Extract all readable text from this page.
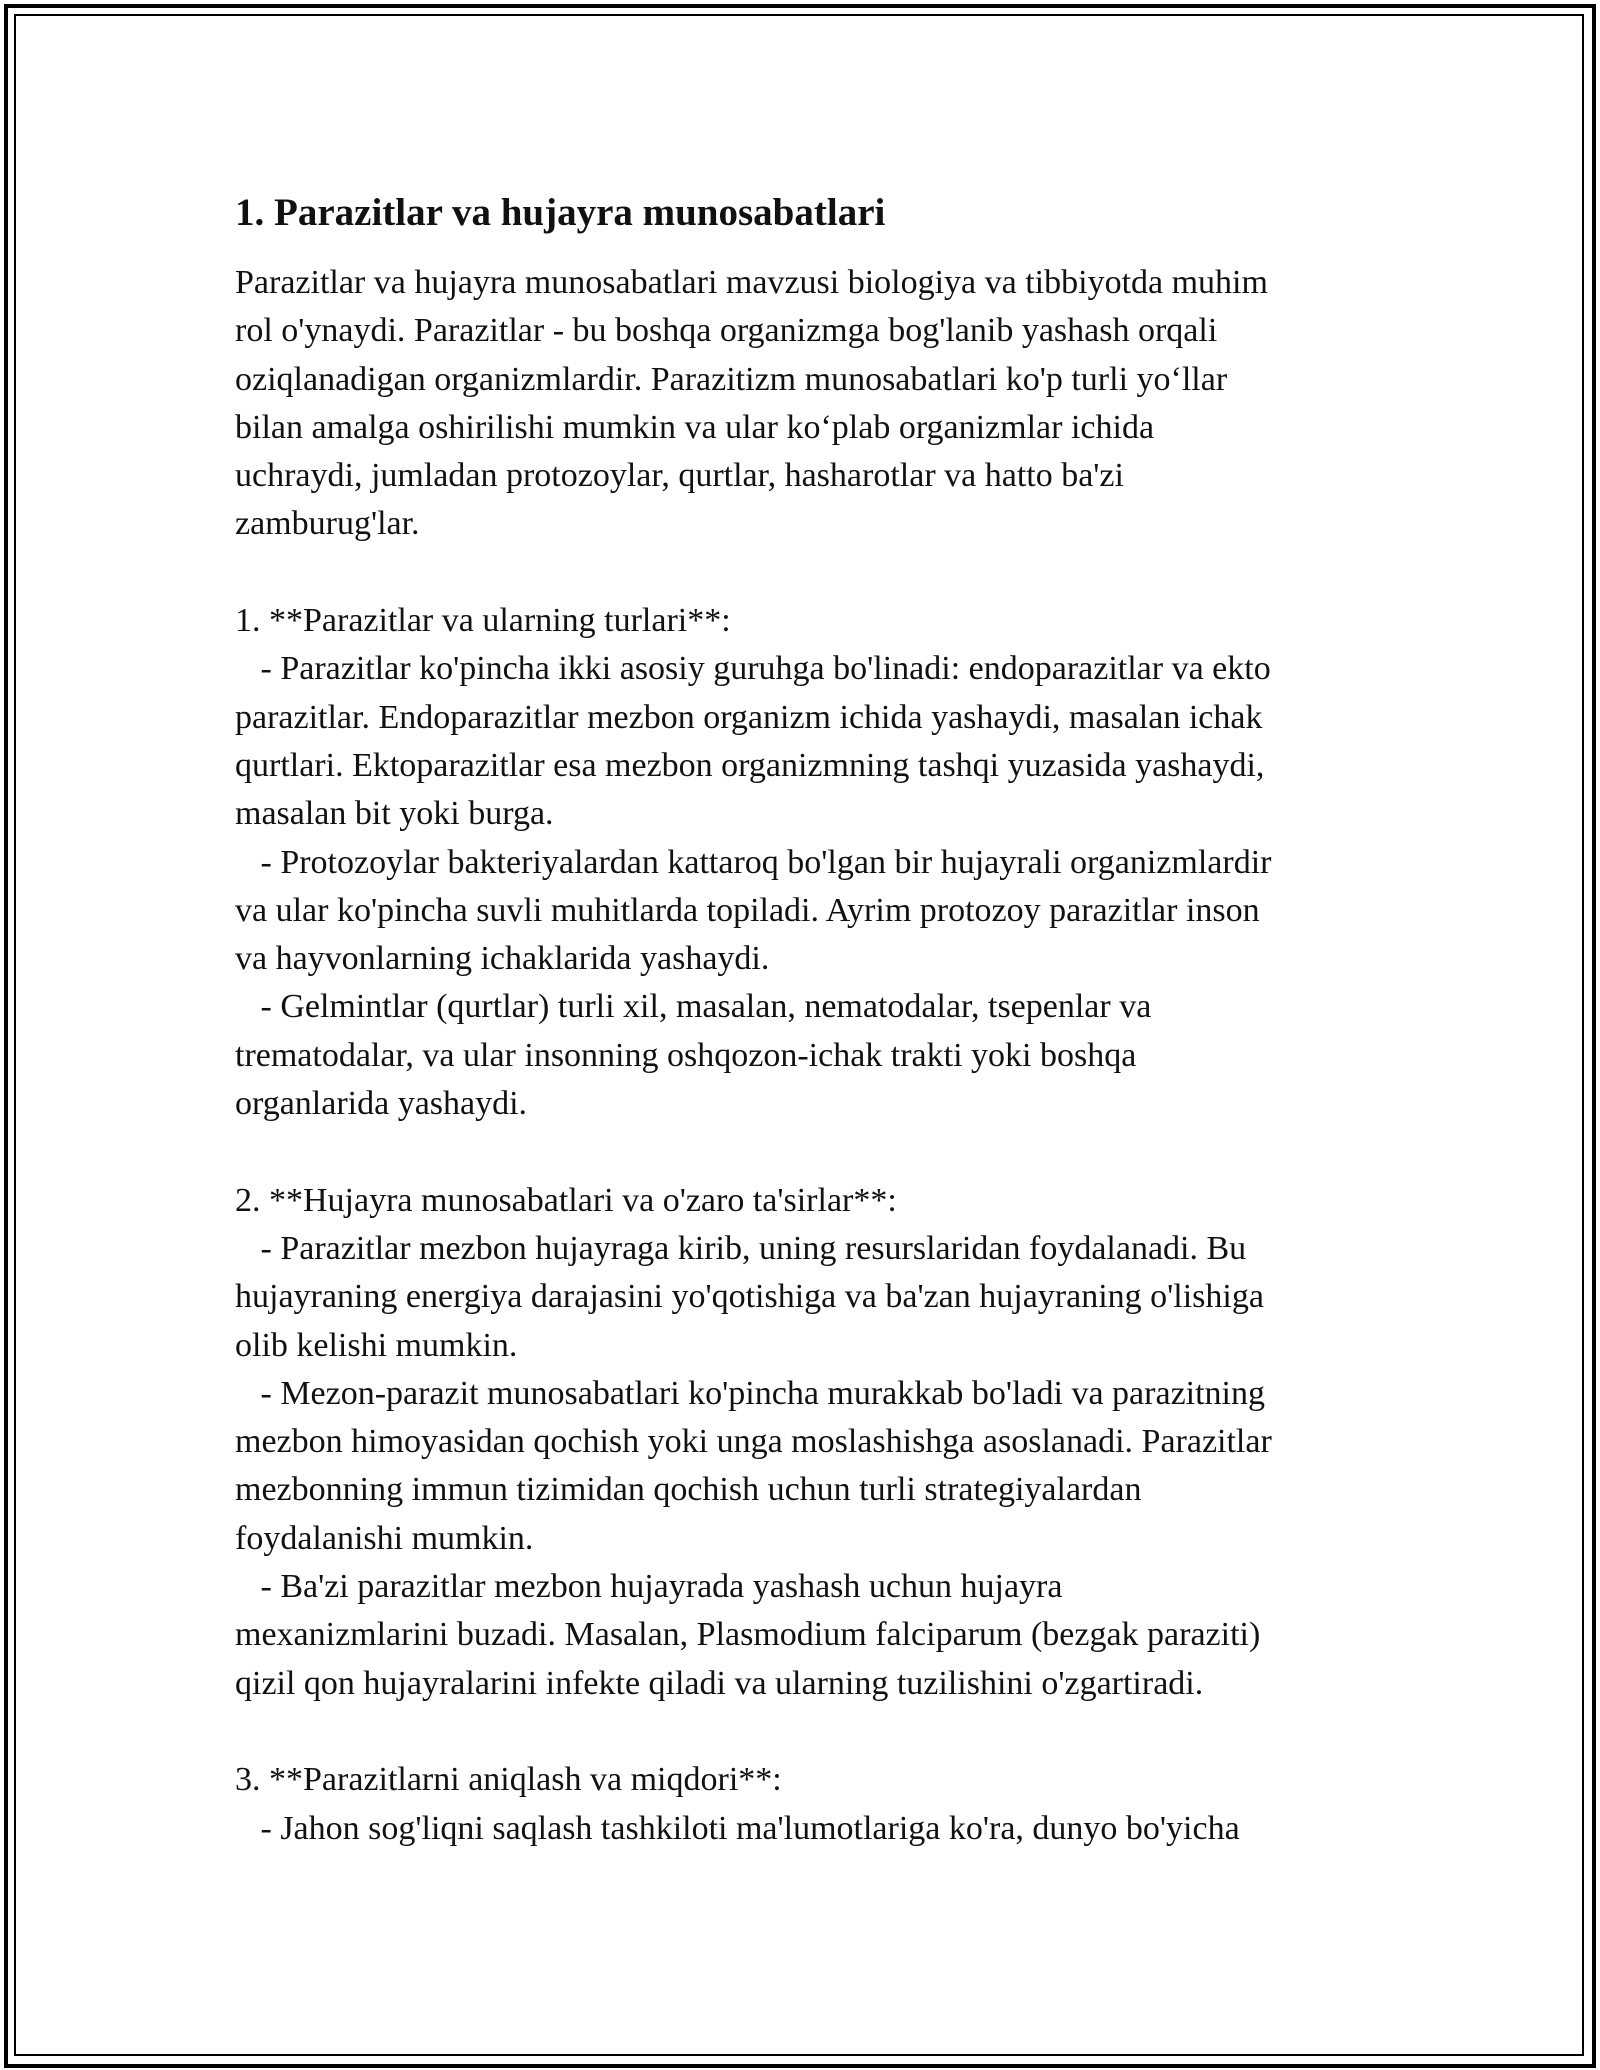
1. Parazitlar va hujayra munosabatlari
Parazitlar va hujayra munosabatlari mavzusi biologiya va tibbiyotda muhim
rol o'ynaydi. Parazitlar - bu boshqa organizmga bog'lanib yashash orqali
oziqlanadigan organizmlardir. Parazitizm munosabatlari ko'p turli yo‘llar
bilan amalga oshirilishi mumkin va ular ko‘plab organizmlar ichida
uchraydi, jumladan protozoylar, qurtlar, hasharotlar va hatto ba'zi
zamburug'lar.
1. **Parazitlar va ularning turlari**:
- Parazitlar ko'pincha ikki asosiy guruhga bo'linadi: endoparazitlar va ekto
parazitlar. Endoparazitlar mezbon organizm ichida yashaydi, masalan ichak
qurtlari. Ektoparazitlar esa mezbon organizmning tashqi yuzasida yashaydi,
masalan bit yoki burga.
- Protozoylar bakteriyalardan kattaroq bo'lgan bir hujayrali organizmlardir
va ular ko'pincha suvli muhitlarda topiladi. Ayrim protozoy parazitlar inson
va hayvonlarning ichaklarida yashaydi.
- Gelmintlar (qurtlar) turli xil, masalan, nematodalar, tsepenlar va
trematodalar, va ular insonning oshqozon-ichak trakti yoki boshqa
organlarida yashaydi.
2. **Hujayra munosabatlari va o'zaro ta'sirlar**:
- Parazitlar mezbon hujayraga kirib, uning resurslaridan foydalanadi. Bu
hujayraning energiya darajasini yo'qotishiga va ba'zan hujayraning o'lishiga
olib kelishi mumkin.
- Mezon-parazit munosabatlari ko'pincha murakkab bo'ladi va parazitning
mezbon himoyasidan qochish yoki unga moslashishga asoslanadi. Parazitlar
mezbonning immun tizimidan qochish uchun turli strategiyalardan
foydalanishi mumkin.
- Ba'zi parazitlar mezbon hujayrada yashash uchun hujayra
mexanizmlarini buzadi. Masalan, Plasmodium falciparum (bezgak paraziti)
qizil qon hujayralarini infekte qiladi va ularning tuzilishini o'zgartiradi.
3. **Parazitlarni aniqlash va miqdori**:
- Jahon sog'liqni saqlash tashkiloti ma'lumotlariga ko'ra, dunyo bo'yicha
